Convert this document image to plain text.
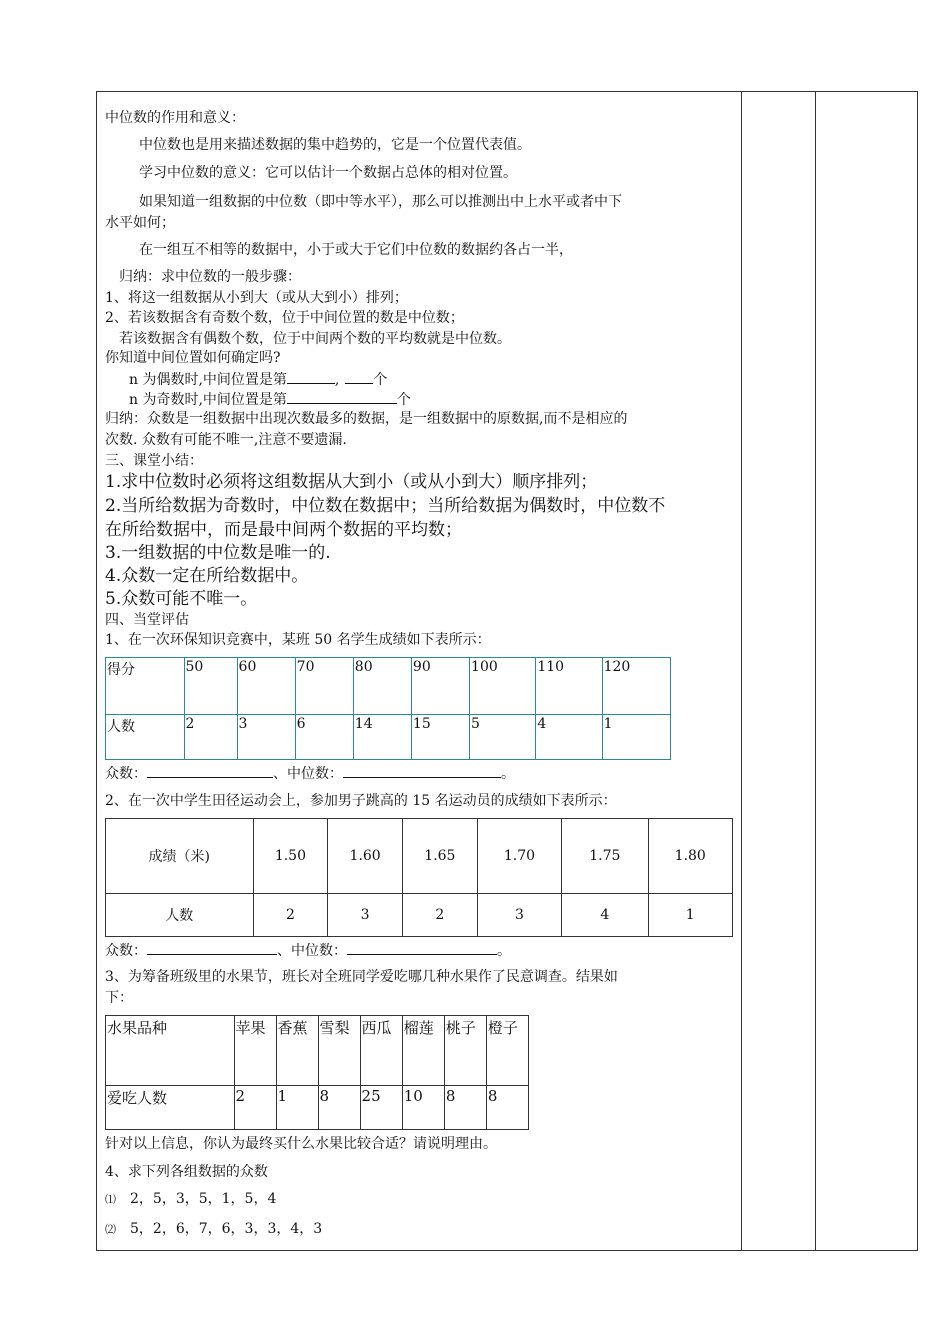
中位数的作用和意义：
中位数也是用来描述数据的集中趋势的，它是一个位置代表值。
学习中位数的意义：它可以估计一个数据占总体的相对位置。
如果知道一组数据的中位数（即中等水平），那么可以推测出中上水平或者中下
水平如何；
在一组互不相等的数据中，小于或大于它们中位数的数据约各占一半，
归纳：求中位数的一般步骤：
1、将这一组数据从小到大（或从大到小）排列；
2、若该数据含有奇数个数，位于中间位置的数是中位数；
若该数据含有偶数个数，位于中间两个数的平均数就是中位数。
你知道中间位置如何确定吗?
n 为偶数时,中间位置是第	, 个
n 为奇数时,中间位置是第	个
归纳：众数是一组数据中出现次数最多的数据，是一组数据中的原数据,而不是相应的
次数. 众数有可能不唯一,注意不要遗漏.
三、课堂小结：
1.求中位数时必须将这组数据从大到小（或从小到大）顺序排列；
2.当所给数据为奇数时，中位数在数据中；当所给数据为偶数时，中位数不
在所给数据中，而是最中间两个数据的平均数；
3.一组数据的中位数是唯一的.
4.众数一定在所给数据中。
5.众数可能不唯一。
四、当堂评估
1、在一次环保知识竞赛中，某班 50 名学生成绩如下表所示：
得分	50	60	70	80	90	100	110	120
人数	2	3	6	14	15	5	4	1
众数：	、中位数：	。
2、在一次中学生田径运动会上，参加男子跳高的 15 名运动员的成绩如下表所示：
成绩（米)	1.50	1.60	1.65	1.70	1.75	1.80
人数	2	3	2	3	4	1
众数：	、中位数：	。
3、为筹备班级里的水果节，班长对全班同学爱吃哪几种水果作了民意调查。结果如
下：
水果品种	苹果	香蕉	雪梨	西瓜	榴莲	桃子	橙子
爱吃人数	2	1	8	25	10	8	8
针对以上信息，你认为最终买什么水果比较合适？请说明理由。
4、求下列各组数据的众数
⑴ 2，5，3，5，1，5，4
⑵ 5，2，6，7，6，3，3，4，3
